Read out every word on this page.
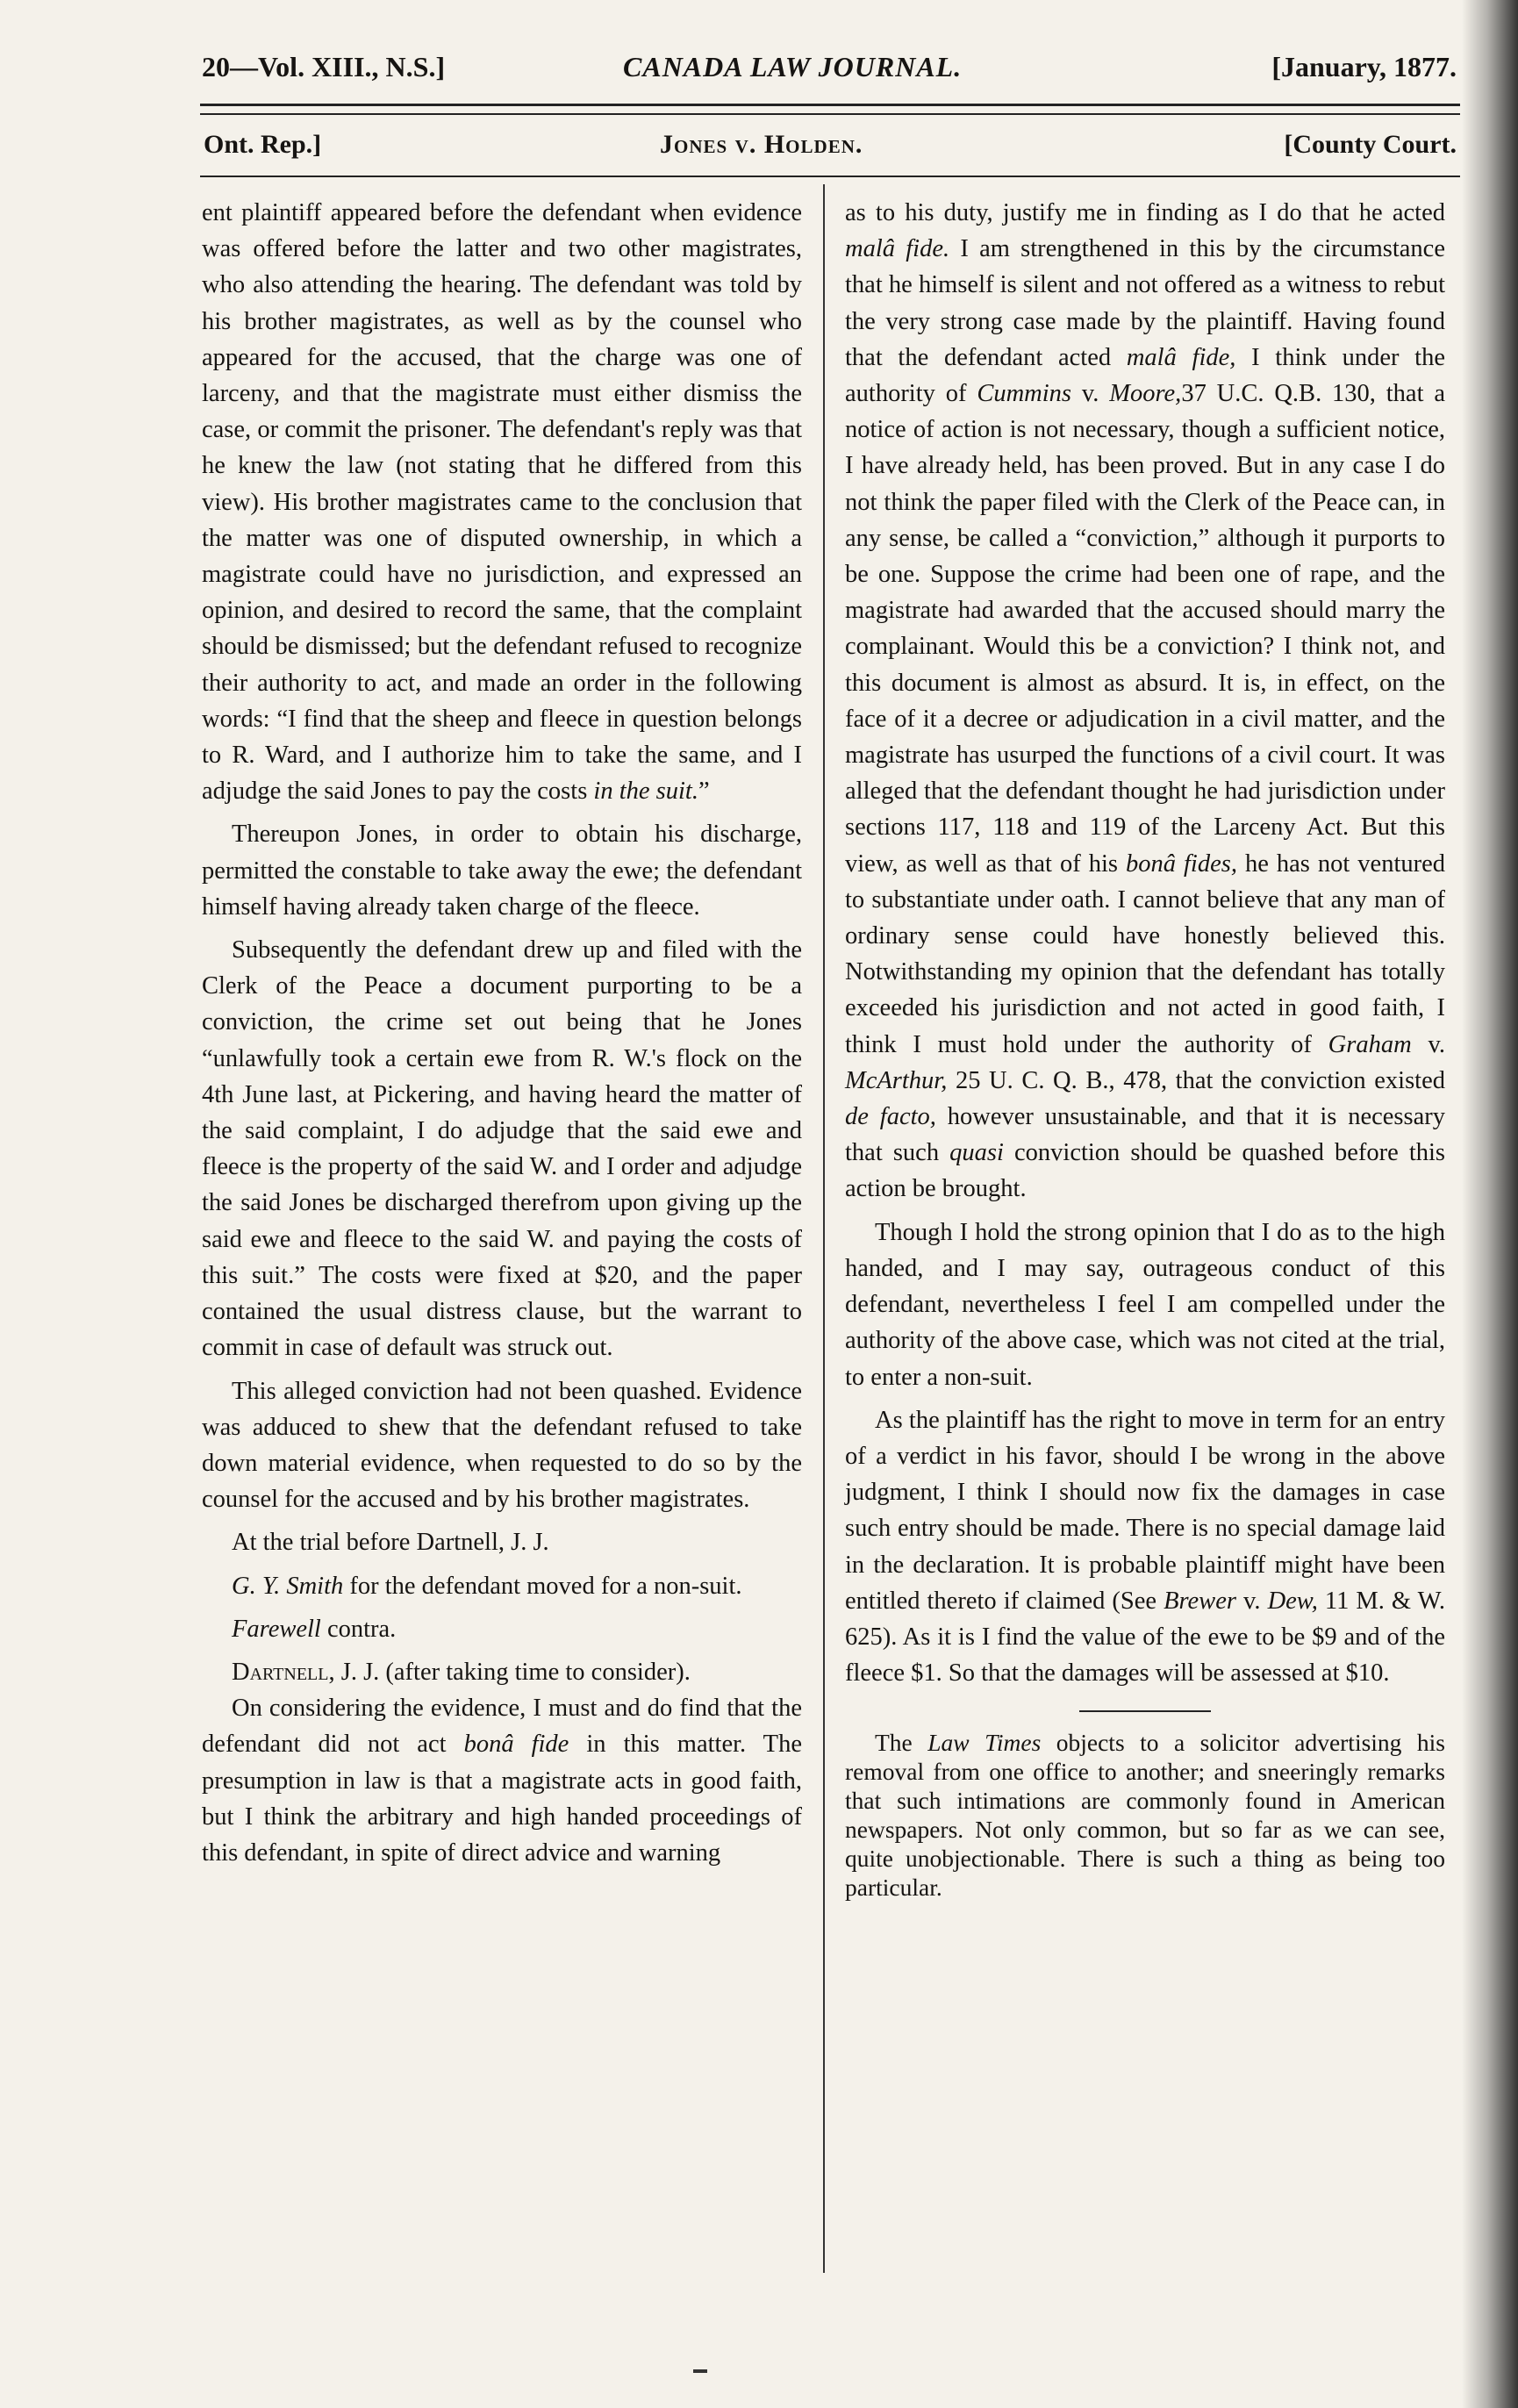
20—Vol. XIII., N.S.]	CANADA LAW JOURNAL.	[January, 1877.
Ont. Rep.]	Jones v. Holden.	[County Court.

ent plaintiff appeared before the defendant when evidence was offered before the latter and two other magistrates, who also attending the hearing. The defendant was told by his brother magistrates, as well as by the counsel who appeared for the accused, that the charge was one of larceny, and that the magistrate must either dismiss the case, or commit the prisoner. The defendant's reply was that he knew the law (not stating that he differed from this view). His brother magistrates came to the conclusion that the matter was one of disputed ownership, in which a magistrate could have no jurisdiction, and expressed an opinion, and desired to record the same, that the complaint should be dismissed; but the defendant refused to recognize their authority to act, and made an order in the following words: “I find that the sheep and fleece in question belongs to R. Ward, and I authorize him to take the same, and I adjudge the said Jones to pay the costs in the suit.”

Thereupon Jones, in order to obtain his discharge, permitted the constable to take away the ewe; the defendant himself having already taken charge of the fleece.

Subsequently the defendant drew up and filed with the Clerk of the Peace a document purporting to be a conviction, the crime set out being that he Jones “unlawfully took a certain ewe from R. W.'s flock on the 4th June last, at Pickering, and having heard the matter of the said complaint, I do adjudge that the said ewe and fleece is the property of the said W. and I order and adjudge the said Jones be discharged therefrom upon giving up the said ewe and fleece to the said W. and paying the costs of this suit.” The costs were fixed at $20, and the paper contained the usual distress clause, but the warrant to commit in case of default was struck out.

This alleged conviction had not been quashed. Evidence was adduced to shew that the defendant refused to take down material evidence, when requested to do so by the counsel for the accused and by his brother magistrates.

At the trial before Dartnell, J. J.

G. Y. Smith for the defendant moved for a non-suit.

Farewell contra.

Dartnell, J. J. (after taking time to consider).

On considering the evidence, I must and do find that the defendant did not act bonâ fide in this matter. The presumption in law is that a magistrate acts in good faith, but I think the arbitrary and high handed proceedings of this defendant, in spite of direct advice and warning

as to his duty, justify me in finding as I do that he acted malâ fide. I am strengthened in this by the circumstance that he himself is silent and not offered as a witness to rebut the very strong case made by the plaintiff. Having found that the defendant acted malâ fide, I think under the authority of Cummins v. Moore,37 U.C. Q.B. 130, that a notice of action is not necessary, though a sufficient notice, I have already held, has been proved. But in any case I do not think the paper filed with the Clerk of the Peace can, in any sense, be called a “conviction,” although it purports to be one. Suppose the crime had been one of rape, and the magistrate had awarded that the accused should marry the complainant. Would this be a conviction? I think not, and this document is almost as absurd. It is, in effect, on the face of it a decree or adjudication in a civil matter, and the magistrate has usurped the functions of a civil court. It was alleged that the defendant thought he had jurisdiction under sections 117, 118 and 119 of the Larceny Act. But this view, as well as that of his bonâ fides, he has not ventured to substantiate under oath. I cannot believe that any man of ordinary sense could have honestly believed this. Notwithstanding my opinion that the defendant has totally exceeded his jurisdiction and not acted in good faith, I think I must hold under the authority of Graham v. McArthur, 25 U. C. Q. B., 478, that the conviction existed de facto, however unsustainable, and that it is necessary that such quasi conviction should be quashed before this action be brought.

Though I hold the strong opinion that I do as to the high handed, and I may say, outrageous conduct of this defendant, nevertheless I feel I am compelled under the authority of the above case, which was not cited at the trial, to enter a non-suit.

As the plaintiff has the right to move in term for an entry of a verdict in his favor, should I be wrong in the above judgment, I think I should now fix the damages in case such entry should be made. There is no special damage laid in the declaration. It is probable plaintiff might have been entitled thereto if claimed (See Brewer v. Dew, 11 M. & W. 625). As it is I find the value of the ewe to be $9 and of the fleece $1. So that the damages will be assessed at $10.

The Law Times objects to a solicitor advertising his removal from one office to another; and sneeringly remarks that such intimations are commonly found in American newspapers. Not only common, but so far as we can see, quite unobjectionable. There is such a thing as being too particular.
